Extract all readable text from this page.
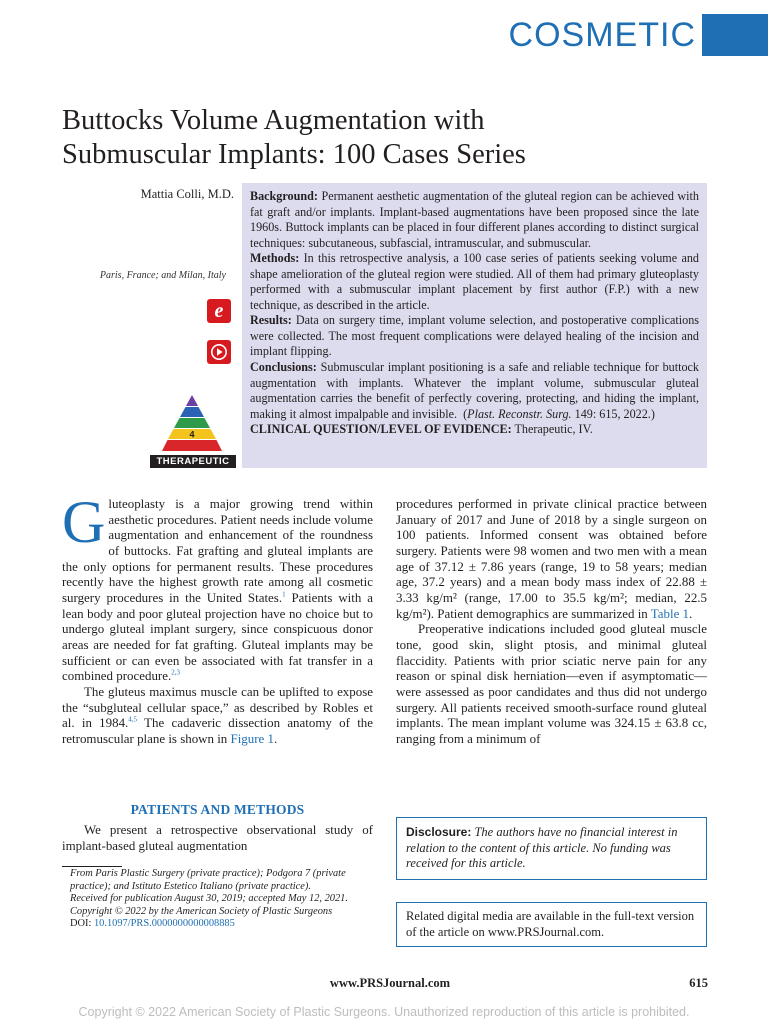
COSMETIC
Buttocks Volume Augmentation with
Submuscular Implants: 100 Cases Series
Mattia Colli, M.D.
Paris, France; and Milan, Italy
e
4
THERAPEUTIC

Background: Permanent aesthetic augmentation of the gluteal region can be achieved with fat graft and/or implants. Implant-based augmentations have been proposed since the late 1960s. Buttock implants can be placed in four different planes according to distinct surgical techniques: subcutaneous, subfascial, intramuscular, and submuscular.

Methods: In this retrospective analysis, a 100 case series of patients seeking volume and shape amelioration of the gluteal region were studied. All of them had primary gluteoplasty performed with a submuscular implant placement by first author (F.P.) with a new technique, as described in the article.

Results: Data on surgery time, implant volume selection, and postoperative complications were collected. The most frequent complications were delayed healing of the incision and implant flipping.

Conclusions: Submuscular implant positioning is a safe and reliable technique for buttock augmentation with implants. Whatever the implant volume, submuscular gluteal augmentation carries the benefit of perfectly covering, protecting, and hiding the implant, making it almost impalpable and invisible. (Plast. Reconstr. Surg. 149: 615, 2022.)

CLINICAL QUESTION/LEVEL OF EVIDENCE: Therapeutic, IV.

Gluteoplasty is a major growing trend within aesthetic procedures. Patient needs include volume augmentation and enhancement of the roundness of buttocks. Fat grafting and gluteal implants are the only options for permanent results. These procedures recently have the highest growth rate among all cosmetic surgery procedures in the United States.$^1$ Patients with a lean body and poor gluteal projection have no choice but to undergo gluteal implant surgery, since conspicuous donor areas are needed for fat grafting. Gluteal implants may be sufficient or can even be associated with fat transfer in a combined procedure.$^{2,3}$

The gluteus maximus muscle can be uplifted to expose the “subgluteal cellular space,” as described by Robles et al. in 1984.$^{4,5}$ The cadaveric dissection anatomy of the retromuscular plane is shown in Figure 1.

PATIENTS AND METHODS

We present a retrospective observational study of implant-based gluteal augmentation

From Paris Plastic Surgery (private practice); Podgora 7 (private practice); and Istituto Estetico Italiano (private practice).

Received for publication August 30, 2019; accepted May 12, 2021.

Copyright © 2022 by the American Society of Plastic Surgeons

DOI: 10.1097/PRS.0000000000008885

procedures performed in private clinical practice between January of 2017 and June of 2018 by a single surgeon on 100 patients. Informed consent was obtained before surgery. Patients were 98 women and two men with a mean age of 37.12 ± 7.86 years (range, 19 to 58 years; median age, 37.2 years) and a mean body mass index of 22.88 ± 3.33 kg/m² (range, 17.00 to 35.5 kg/m²; median, 22.5 kg/m²). Patient demographics are summarized in Table 1.

Preoperative indications included good gluteal muscle tone, good skin, slight ptosis, and minimal gluteal flaccidity. Patients with prior sciatic nerve pain for any reason or spinal disk herniation—even if asymptomatic—were assessed as poor candidates and thus did not undergo surgery. All patients received smooth-surface round gluteal implants. The mean implant volume was 324.15 ± 63.8 cc, ranging from a minimum of

Disclosure: The authors have no financial interest in relation to the content of this article. No funding was received for this article.
Related digital media are available in the full-text version of the article on www.PRSJournal.com.
www.PRSJournal.com	615
Copyright © 2022 American Society of Plastic Surgeons. Unauthorized reproduction of this article is prohibited.
